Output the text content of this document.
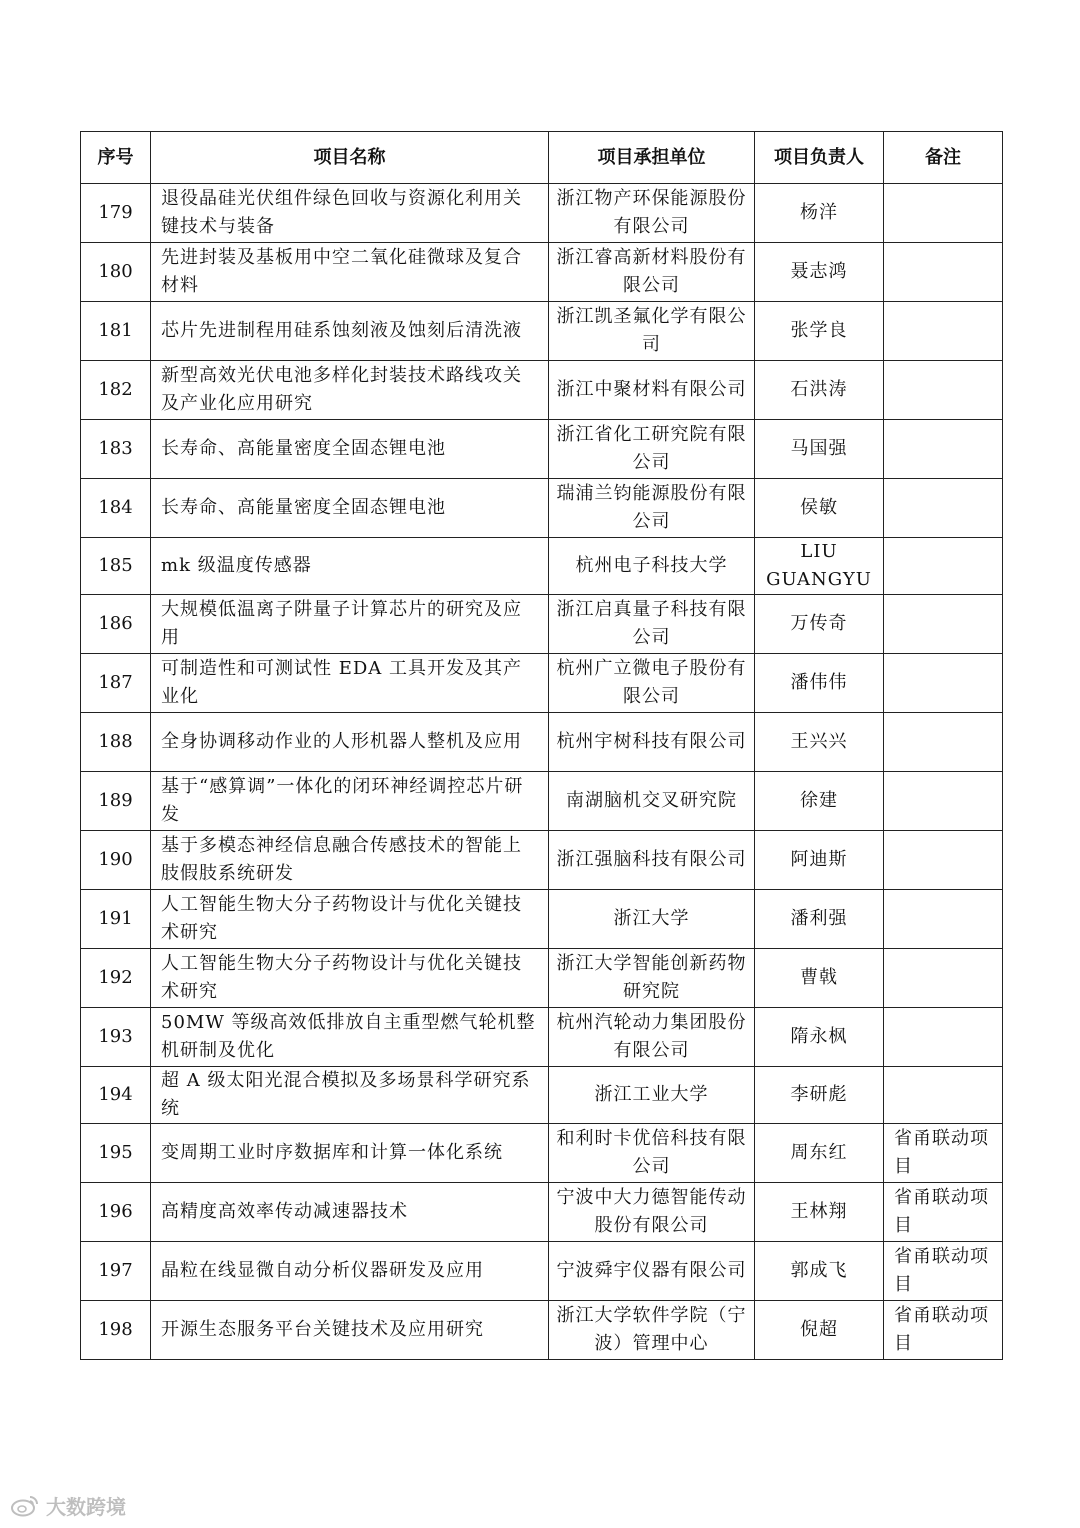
序号	项目名称	项目承担单位	项目负责人	备注
179	退役晶硅光伏组件绿色回收与资源化利用关键技术与装备	浙江物产环保能源股份有限公司	杨洋	
180	先进封装及基板用中空二氧化硅微球及复合材料	浙江睿高新材料股份有限公司	聂志鸿	
181	芯片先进制程用硅系蚀刻液及蚀刻后清洗液	浙江凯圣氟化学有限公司	张学良	
182	新型高效光伏电池多样化封装技术路线攻关及产业化应用研究	浙江中聚材料有限公司	石洪涛	
183	长寿命、高能量密度全固态锂电池	浙江省化工研究院有限公司	马国强	
184	长寿命、高能量密度全固态锂电池	瑞浦兰钧能源股份有限公司	侯敏	
185	mk 级温度传感器	杭州电子科技大学	LIU GUANGYU	
186	大规模低温离子阱量子计算芯片的研究及应用	浙江启真量子科技有限公司	万传奇	
187	可制造性和可测试性 EDA 工具开发及其产业化	杭州广立微电子股份有限公司	潘伟伟	
188	全身协调移动作业的人形机器人整机及应用	杭州宇树科技有限公司	王兴兴	
189	基于“感算调”一体化的闭环神经调控芯片研发	南湖脑机交叉研究院	徐建	
190	基于多模态神经信息融合传感技术的智能上肢假肢系统研发	浙江强脑科技有限公司	阿迪斯	
191	人工智能生物大分子药物设计与优化关键技术研究	浙江大学	潘利强	
192	人工智能生物大分子药物设计与优化关键技术研究	浙江大学智能创新药物研究院	曹戟	
193	50MW 等级高效低排放自主重型燃气轮机整机研制及优化	杭州汽轮动力集团股份有限公司	隋永枫	
194	超 A 级太阳光混合模拟及多场景科学研究系统	浙江工业大学	李研彪	
195	变周期工业时序数据库和计算一体化系统	和利时卡优倍科技有限公司	周东红	省甬联动项目
196	高精度高效率传动减速器技术	宁波中大力德智能传动股份有限公司	王林翔	省甬联动项目
197	晶粒在线显微自动分析仪器研发及应用	宁波舜宇仪器有限公司	郭成飞	省甬联动项目
198	开源生态服务平台关键技术及应用研究	浙江大学软件学院（宁波）管理中心	倪超	省甬联动项目
大数跨境
